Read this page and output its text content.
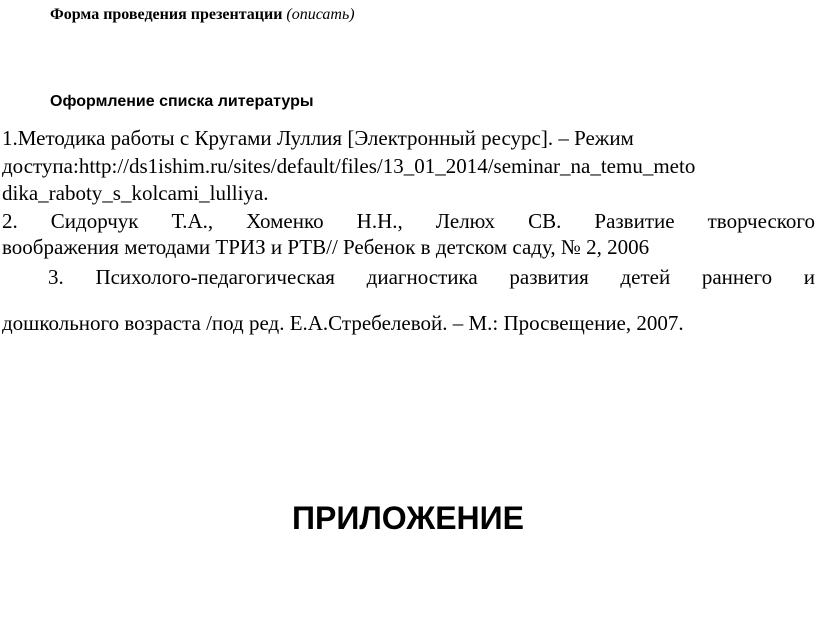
Форма проведения презентации (описать)
Оформление списка литературы
1.Методика работы с Кругами Луллия [Электронный ресурс]. – Режим
доступа:http://ds1ishim.ru/sites/default/files/13_01_2014/seminar_na_temu_meto
dika_raboty_s_kolcami_lulliya.
2. Сидорчук Т.А., Хоменко Н.Н., Лелюх СВ. Развитие творческого
воображения методами ТРИЗ и РТВ// Ребенок в детском саду, № 2, 2006
3. Психолого-педагогическая диагностика развития детей раннего и
дошкольного возраста /под ред. Е.А.Стребелевой. – М.: Просвещение, 2007.
ПРИЛОЖЕНИЕ
